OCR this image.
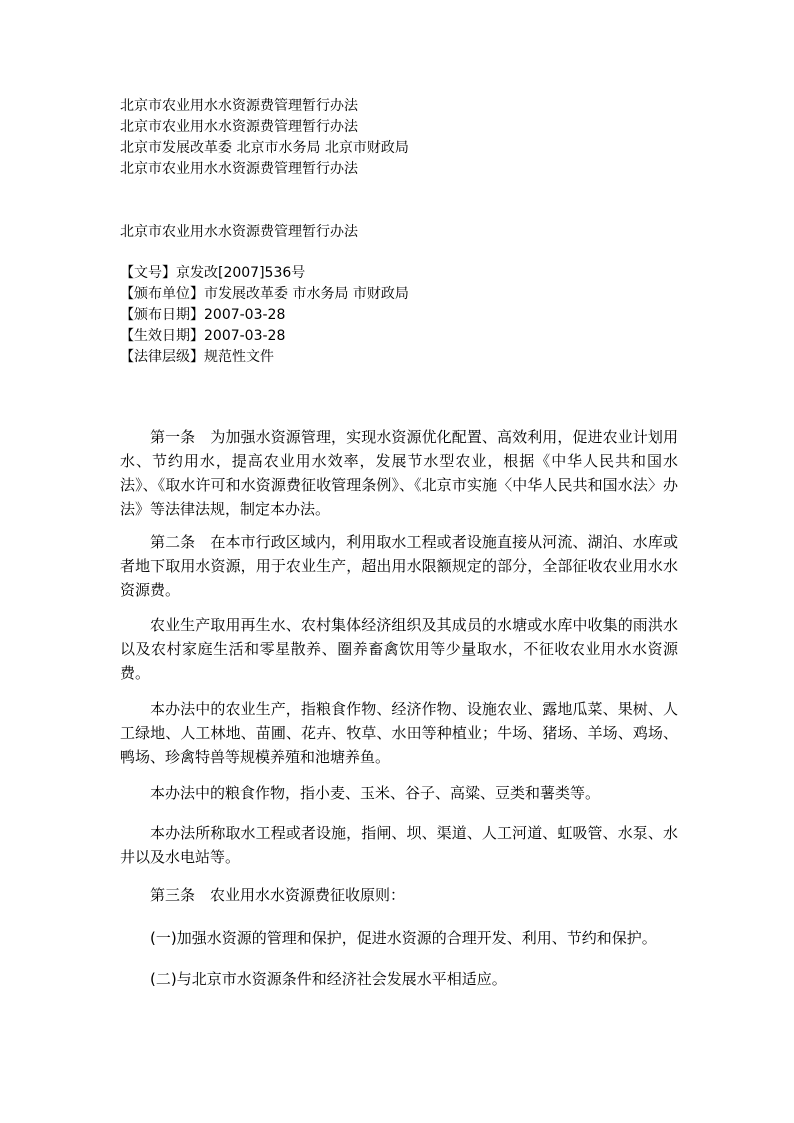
北京市农业用水水资源费管理暂行办法
北京市农业用水水资源费管理暂行办法
北京市发展改革委 北京市水务局 北京市财政局
北京市农业用水水资源费管理暂行办法
北京市农业用水水资源费管理暂行办法
【文号】京发改[2007]536号
【颁布单位】市发展改革委 市水务局 市财政局
【颁布日期】2007-03-28
【生效日期】2007-03-28
【法律层级】规范性文件

第一条　为加强水资源管理，实现水资源优化配置、高效利用，促进农业计划用水、节约用水，提高农业用水效率，发展节水型农业，根据《中华人民共和国水法》、《取水许可和水资源费征收管理条例》、《北京市实施〈中华人民共和国水法〉办法》等法律法规，制定本办法。

第二条　在本市行政区域内，利用取水工程或者设施直接从河流、湖泊、水库或者地下取用水资源，用于农业生产，超出用水限额规定的部分，全部征收农业用水水资源费。

农业生产取用再生水、农村集体经济组织及其成员的水塘或水库中收集的雨洪水以及农村家庭生活和零星散养、圈养畜禽饮用等少量取水，不征收农业用水水资源费。

本办法中的农业生产，指粮食作物、经济作物、设施农业、露地瓜菜、果树、人工绿地、人工林地、苗圃、花卉、牧草、水田等种植业；牛场、猪场、羊场、鸡场、鸭场、珍禽特兽等规模养殖和池塘养鱼。

本办法中的粮食作物，指小麦、玉米、谷子、高粱、豆类和薯类等。

本办法所称取水工程或者设施，指闸、坝、渠道、人工河道、虹吸管、水泵、水井以及水电站等。

第三条　农业用水水资源费征收原则：

(一)加强水资源的管理和保护，促进水资源的合理开发、利用、节约和保护。

(二)与北京市水资源条件和经济社会发展水平相适应。
